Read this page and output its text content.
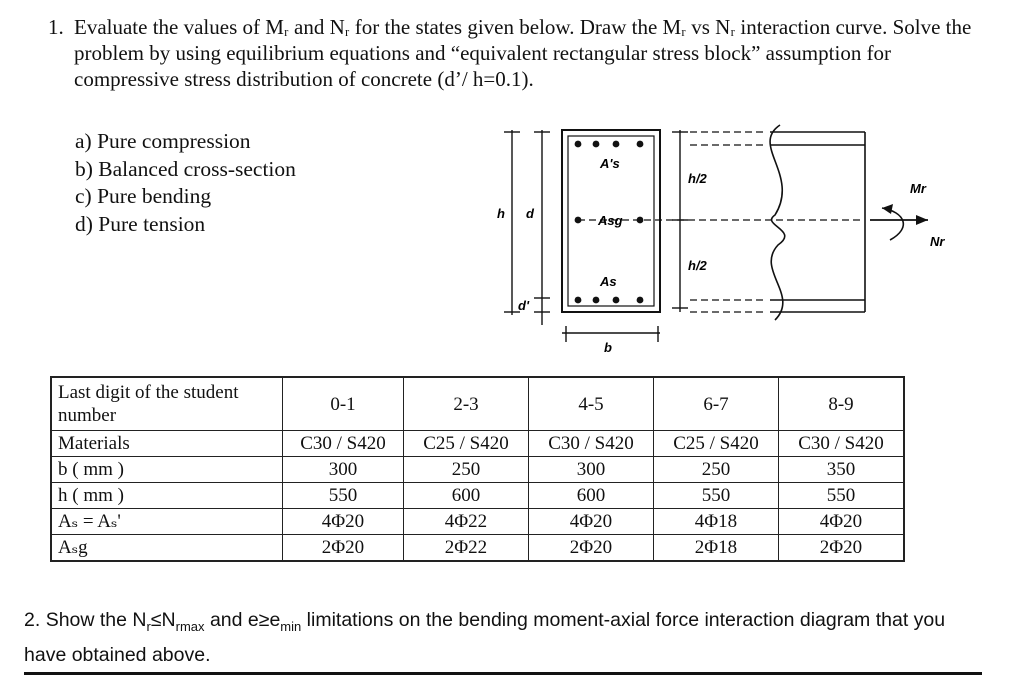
1. Evaluate the values of Mᵣ and Nᵣ for the states given below. Draw the Mᵣ vs Nᵣ interaction curve. Solve the problem by using equilibrium equations and “equivalent rectangular stress block” assumption for compressive stress distribution of concrete (d’/ h=0.1).
a) Pure compression
b) Balanced cross-section
c) Pure bending
d) Pure tension
A's
Asg
As
h d
d'
b
h/2
h/2
Mr
Nr
Last digit of the student number	0-1	2-3	4-5	6-7	8-9
Materials	C30 / S420	C25 / S420	C30 / S420	C25 / S420	C30 / S420
b ( mm )	300	250	300	250	350
h ( mm )	550	600	600	550	550
Aₛ = Aₛ'	4Φ20	4Φ22	4Φ20	4Φ18	4Φ20
Aₛg	2Φ20	2Φ22	2Φ20	2Φ18	2Φ20
2. Show the $N_r\le N_{rmax}$ and $e\ge e_{min}$ limitations on the bending moment-axial force interaction diagram that you have obtained above.
